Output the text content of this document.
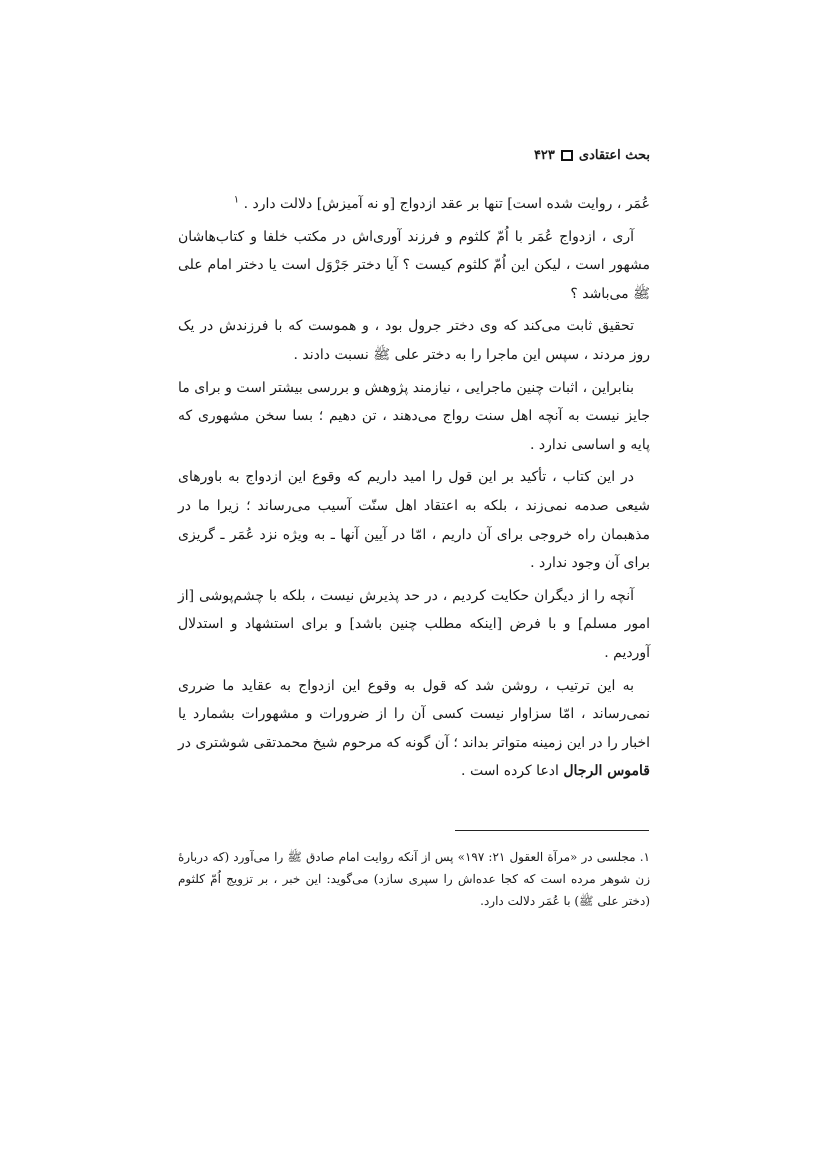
بحث اعتقادی
۴۲۳

عُمَر ، روایت شده است] تنها بر عقد ازدواج [و نه آمیزش] دلالت دارد . $^۱$

آری ، ازدواج عُمَر با اُمّ کلثوم و فرزند آوری‌اش در مکتب خلفا و کتاب‌هاشان مشهور است ، لیکن این اُمّ کلثوم کیست ؟ آیا دختر جَرْوَل است یا دختر امام علی ﷺ می‌باشد ؟

تحقیق ثابت می‌کند که وی دختر جرول بود ، و هموست که با فرزندش در یک روز مردند ، سپس این ماجرا را به دختر علی ﷺ نسبت دادند .

بنابراین ، اثبات چنین ماجرایی ، نیازمند پژوهش و بررسی بیشتر است و برای ما جایز نیست به آنچه اهل سنت رواج می‌دهند ، تن دهیم ؛ بسا سخن مشهوری که پایه و اساسی ندارد .

در این کتاب ، تأکید بر این قول را امید داریم که وقوع این ازدواج به باورهای شیعی صدمه نمی‌زند ، بلکه به اعتقاد اهل سنّت آسیب می‌رساند ؛ زیرا ما در مذهبمان راه خروجی برای آن داریم ، امّا در آیین آنها ـ به ویژه نزد عُمَر ـ گریزی برای آن وجود ندارد .

آنچه را از دیگران حکایت کردیم ، در حد پذیرش نیست ، بلکه با چشم‌پوشی [از امور مسلم] و با فرض [اینکه مطلب چنین باشد] و برای استشهاد و استدلال آوردیم .

به این ترتیب ، روشن شد که قول به وقوع این ازدواج به عقاید ما ضرری نمی‌رساند ، امّا سزاوار نیست کسی آن را از ضرورات و مشهورات بشمارد یا اخبار را در این زمینه متواتر بداند ؛ آن گونه که مرحوم شیخ محمدتقی شوشتری در قاموس الرجال ادعا کرده است .

۱. مجلسی در «مرآة العقول ۲۱: ۱۹۷» پس از آنکه روایت امام صادق ﷺ را می‌آورد (که دربارهٔ زن شوهر مرده است که کجا عده‌اش را سپری سازد) می‌گوید: این خبر ، بر تزویج اُمّ کلثوم (دختر علی ﷺ) با عُمَر دلالت دارد.
